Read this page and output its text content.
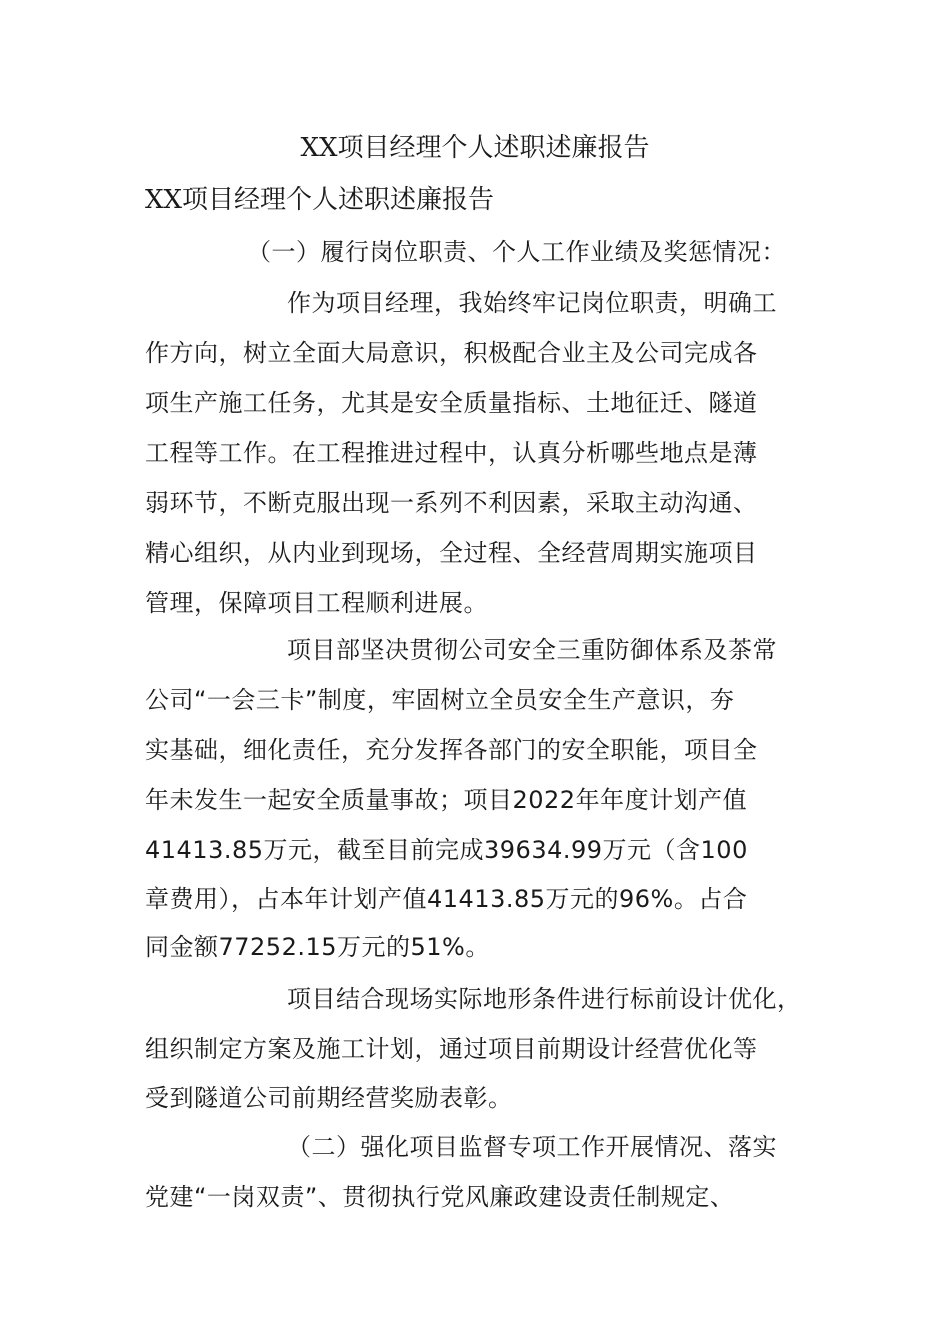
XX项目经理个人述职述廉报告
XX项目经理个人述职述廉报告
（一）履行岗位职责、个人工作业绩及奖惩情况：
作为项目经理，我始终牢记岗位职责，明确工
作方向，树立全面大局意识，积极配合业主及公司完成各
项生产施工任务，尤其是安全质量指标、土地征迁、隧道
工程等工作。在工程推进过程中，认真分析哪些地点是薄
弱环节，不断克服出现一系列不利因素，采取主动沟通、
精心组织，从内业到现场，全过程、全经营周期实施项目
管理，保障项目工程顺利进展。
项目部坚决贯彻公司安全三重防御体系及茶常
公司“一会三卡”制度，牢固树立全员安全生产意识，夯
实基础，细化责任，充分发挥各部门的安全职能，项目全
年未发生一起安全质量事故；项目2022年年度计划产值
41413.85万元，截至目前完成39634.99万元（含100
章费用），占本年计划产值41413.85万元的96%。占合
同金额77252.15万元的51%。
项目结合现场实际地形条件进行标前设计优化，
组织制定方案及施工计划，通过项目前期设计经营优化等
受到隧道公司前期经营奖励表彰。
（二）强化项目监督专项工作开展情况、落实
党建“一岗双责”、贯彻执行党风廉政建设责任制规定、
